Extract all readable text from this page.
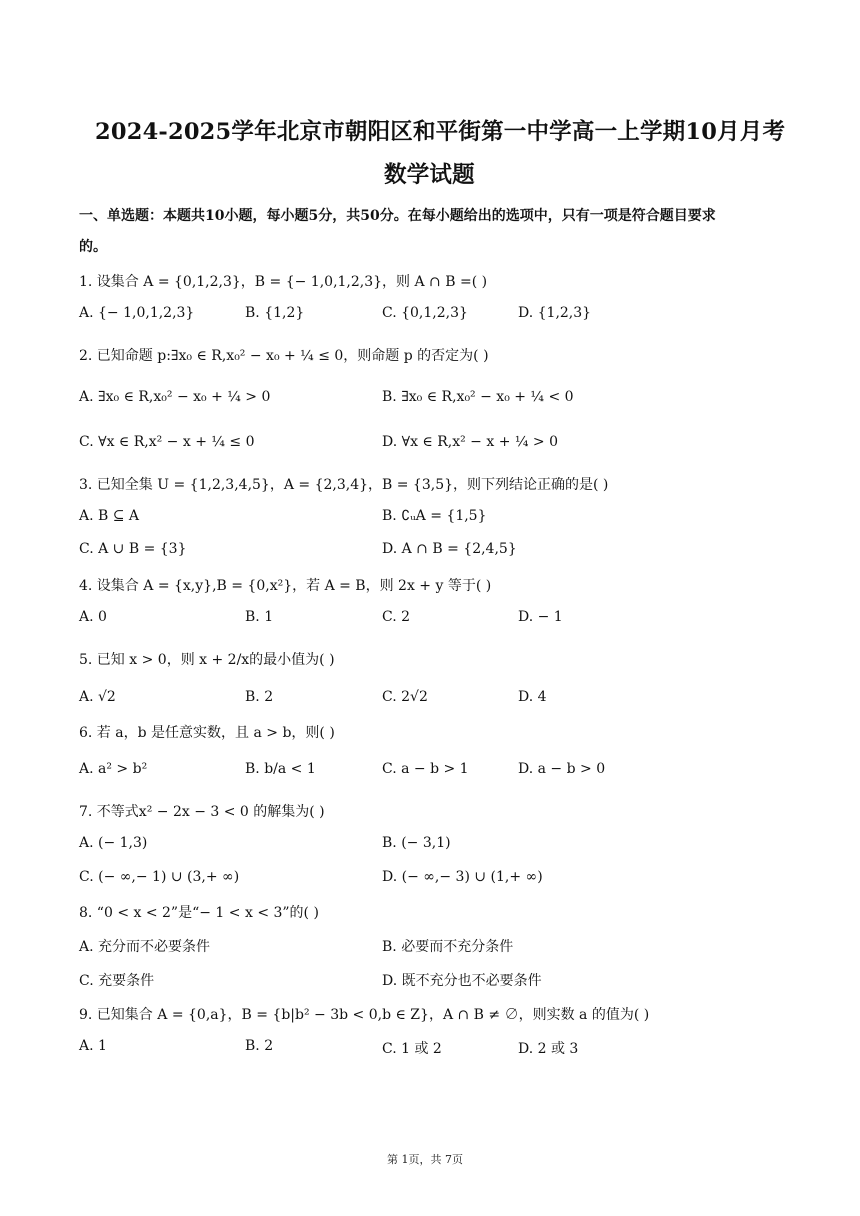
2024-2025学年北京市朝阳区和平街第一中学高一上学期10月月考
数学试题
一、单选题：本题共10小题，每小题5分，共50分。在每小题给出的选项中，只有一项是符合题目要求
的。
1. 设集合 A = {0,1,2,3}，B = {− 1,0,1,2,3}，则 A ∩ B =( )
A. {− 1,0,1,2,3}	B. {1,2}	C. {0,1,2,3}	D. {1,2,3}
2. 已知命题 p:∃x₀ ∈ R,x₀² − x₀ + ¼ ≤ 0，则命题 p 的否定为( )
A. ∃x₀ ∈ R,x₀² − x₀ + ¼ > 0	B. ∃x₀ ∈ R,x₀² − x₀ + ¼ < 0
C. ∀x ∈ R,x² − x + ¼ ≤ 0	D. ∀x ∈ R,x² − x + ¼ > 0
3. 已知全集 U = {1,2,3,4,5}，A = {2,3,4}，B = {3,5}，则下列结论正确的是( )
A. B ⊆ A	B. ∁ᵤA = {1,5}
C. A ∪ B = {3}	D. A ∩ B = {2,4,5}
4. 设集合 A = {x,y},B = {0,x²}，若 A = B，则 2x + y 等于( )
A. 0	B. 1	C. 2	D. − 1
5. 已知 x > 0，则 x + 2/x的最小值为( )
A. √2	B. 2	C. 2√2	D. 4
6. 若 a，b 是任意实数，且 a > b，则( )
A. a² > b²	B. b/a < 1	C. a − b > 1	D. a − b > 0
7. 不等式x² − 2x − 3 < 0 的解集为( )
A. (− 1,3)	B. (− 3,1)
C. (− ∞,− 1) ∪ (3,+ ∞)	D. (− ∞,− 3) ∪ (1,+ ∞)
8. “0 < x < 2”是“− 1 < x < 3”的( )
A. 充分而不必要条件	B. 必要而不充分条件
C. 充要条件	D. 既不充分也不必要条件
9. 已知集合 A = {0,a}，B = {b|b² − 3b < 0,b ∈ Z}，A ∩ B ≠ ∅，则实数 a 的值为( )
A. 1	B. 2	C. 1 或 2	D. 2 或 3
第 1页，共 7页
